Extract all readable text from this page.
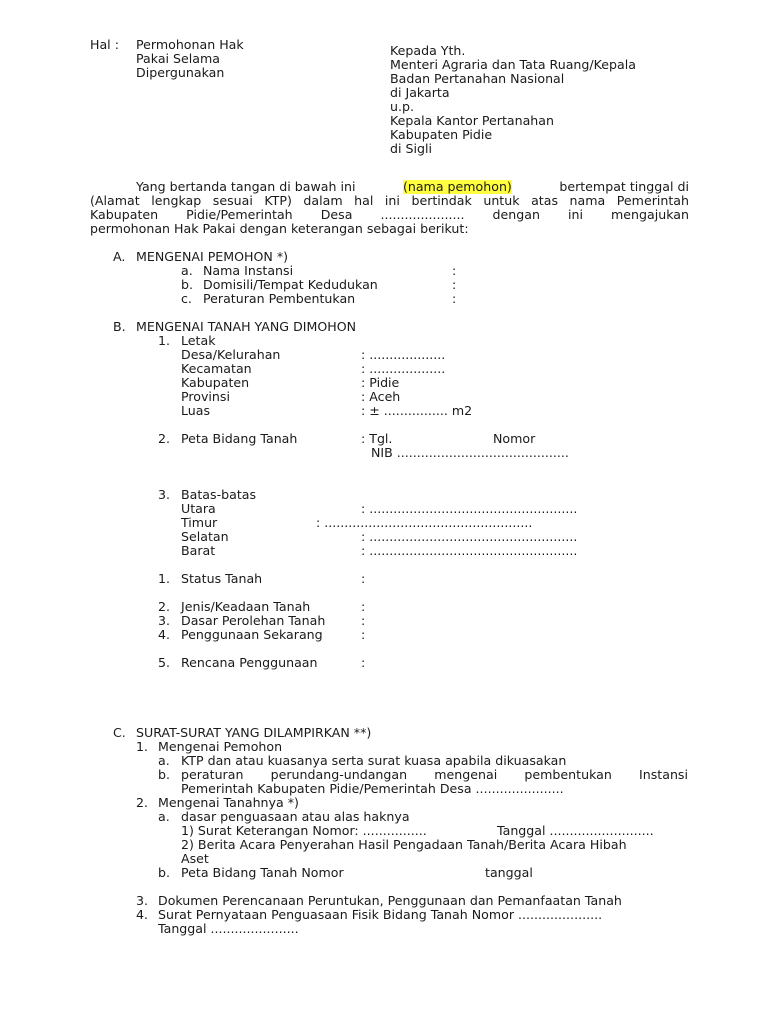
Hal : Permohonan Hak
Pakai Selama
Dipergunakan
Kepada Yth.
Menteri Agraria dan Tata Ruang/Kepala
Badan Pertanahan Nasional
di Jakarta
u.p.
Kepala Kantor Pertanahan
Kabupaten Pidie
di Sigli
Yang bertanda tangan di bawah ini	(nama pemohon)	bertempat tinggal di
(Alamat lengkap sesuai KTP) dalam hal ini bertindak untuk atas nama Pemerintah
Kabupaten Pidie/Pemerintah Desa ..................... dengan ini mengajukan
permohonan Hak Pakai dengan keterangan sebagai berikut:
A. MENGENAI PEMOHON *)
a. Nama Instansi	:
b. Domisili/Tempat Kedudukan	:
c. Peraturan Pembentukan	:
B. MENGENAI TANAH YANG DIMOHON
1. Letak
Desa/Kelurahan	: ...................
Kecamatan	: ...................
Kabupaten	: Pidie
Provinsi	: Aceh
Luas	: ± ................ m2
2. Peta Bidang Tanah	: Tgl.	Nomor
NIB ...........................................
3. Batas-batas
Utara	: ....................................................
Timur	: ....................................................
Selatan	: ....................................................
Barat	: ....................................................
1. Status Tanah	:
2. Jenis/Keadaan Tanah	:
3. Dasar Perolehan Tanah	:
4. Penggunaan Sekarang	:
5. Rencana Penggunaan	:
C. SURAT-SURAT YANG DILAMPIRKAN **)
1. Mengenai Pemohon
a. KTP dan atau kuasanya serta surat kuasa apabila dikuasakan
b. peraturan perundang-undangan mengenai pembentukan Instansi
Pemerintah Kabupaten Pidie/Pemerintah Desa ......................
2. Mengenai Tanahnya *)
a. dasar penguasaan atau alas haknya
1) Surat Keterangan Nomor: ................	Tanggal ..........................
2) Berita Acara Penyerahan Hasil Pengadaan Tanah/Berita Acara Hibah
Aset
b. Peta Bidang Tanah Nomor	tanggal
3. Dokumen Perencanaan Peruntukan, Penggunaan dan Pemanfaatan Tanah
4. Surat Pernyataan Penguasaan Fisik Bidang Tanah Nomor .....................
Tanggal ......................
